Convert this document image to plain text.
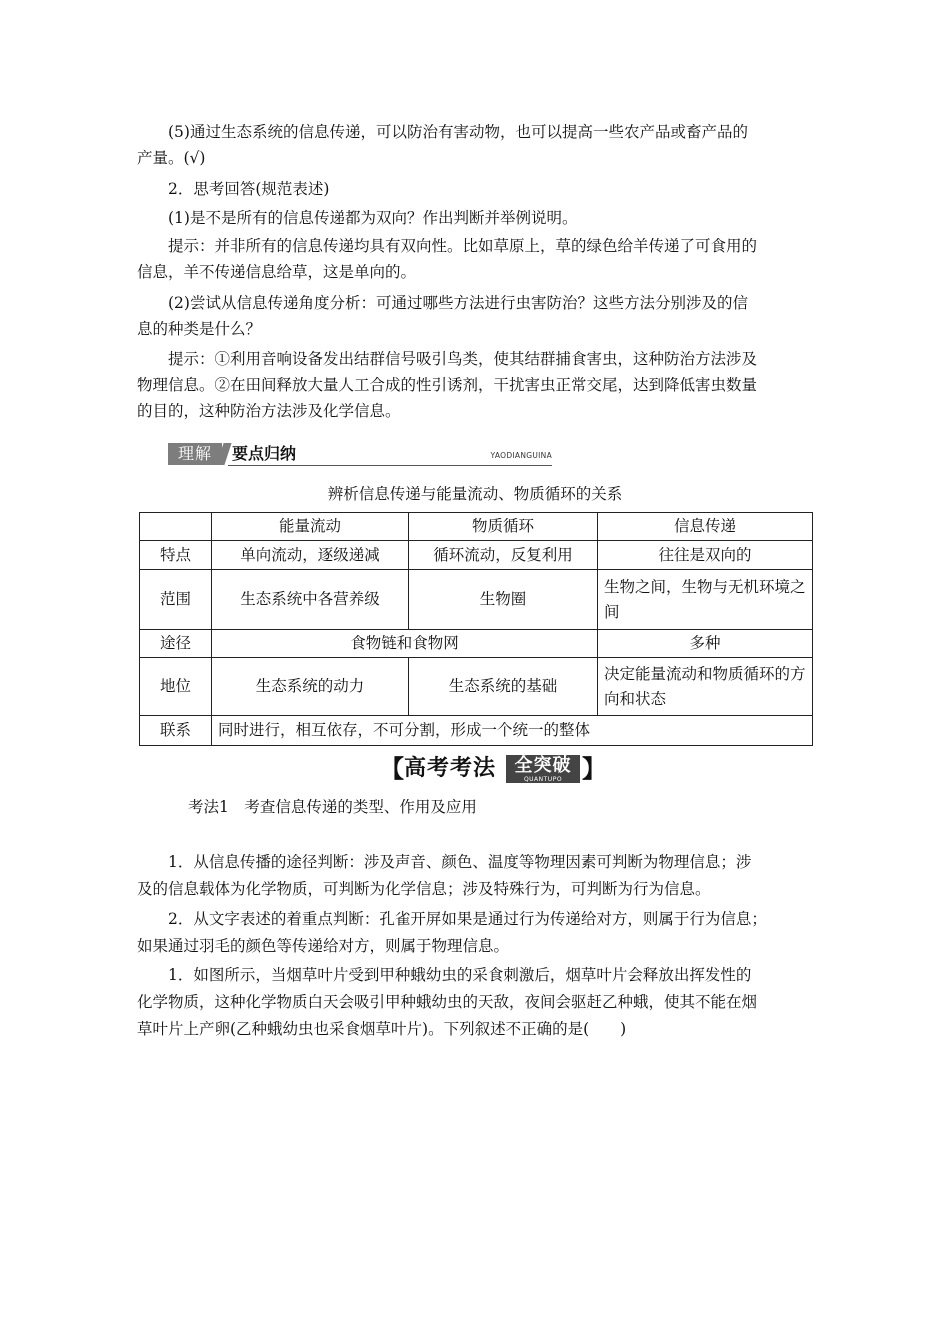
(5)通过生态系统的信息传递，可以防治有害动物，也可以提高一些农产品或畜产品的

产量。(√)

2．思考回答(规范表述)

(1)是不是所有的信息传递都为双向？作出判断并举例说明。

提示：并非所有的信息传递均具有双向性。比如草原上，草的绿色给羊传递了可食用的

信息，羊不传递信息给草，这是单向的。

(2)尝试从信息传递角度分析：可通过哪些方法进行虫害防治？这些方法分别涉及的信

息的种类是什么？

提示：①利用音响设备发出结群信号吸引鸟类，使其结群捕食害虫，这种防治方法涉及

物理信息。②在田间释放大量人工合成的性引诱剂，干扰害虫正常交尾，达到降低害虫数量

的目的，这种防治方法涉及化学信息。

理解	要点归纳	YAODIANGUINA

辨析信息传递与能量流动、物质循环的关系

	能量流动	物质循环	信息传递
特点	单向流动，逐级递减	循环流动，反复利用	往往是双向的
范围	生态系统中各营养级	生物圈	生物之间，生物与无机环境之间
途径	食物链和食物网		多种
地位	生态系统的动力	生态系统的基础	决定能量流动和物质循环的方向和状态
联系	同时进行，相互依存，不可分割，形成一个统一的整体		
【 高考考法	全突破
QUANTUPO 】

考法1　考查信息传递的类型、作用及应用

1．从信息传播的途径判断：涉及声音、颜色、温度等物理因素可判断为物理信息；涉

及的信息载体为化学物质，可判断为化学信息；涉及特殊行为，可判断为行为信息。

2．从文字表述的着重点判断：孔雀开屏如果是通过行为传递给对方，则属于行为信息；

如果通过羽毛的颜色等传递给对方，则属于物理信息。

1．如图所示，当烟草叶片受到甲种蛾幼虫的采食刺激后，烟草叶片会释放出挥发性的

化学物质，这种化学物质白天会吸引甲种蛾幼虫的天敌，夜间会驱赶乙种蛾，使其不能在烟

草叶片上产卵(乙种蛾幼虫也采食烟草叶片)。下列叙述不正确的是(　　)
